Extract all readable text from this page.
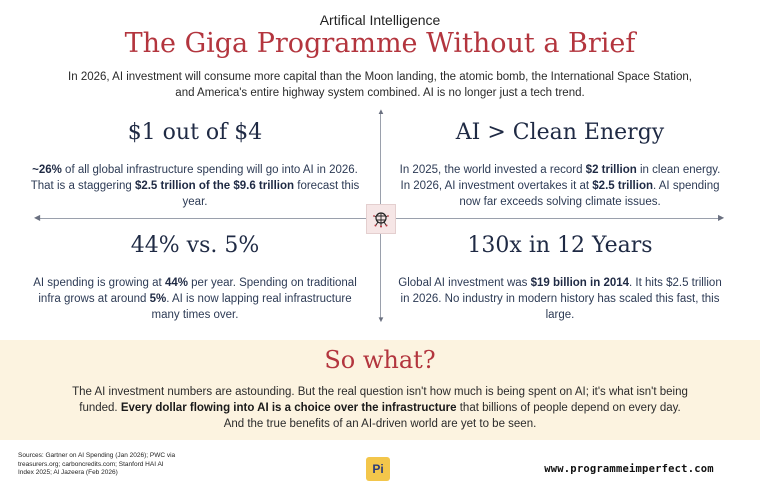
Artifical Intelligence
The Giga Programme Without a Brief
In 2026, AI investment will consume more capital than the Moon landing, the atomic bomb, the International Space Station, and America's entire highway system combined. AI is no longer just a tech trend.
▲
▼
◀	▶
$1 out of $4

~26% of all global infrastructure spending will go into AI in 2026. That is a staggering $2.5 trillion of the $9.6 trillion forecast this year.

AI > Clean Energy

In 2025, the world invested a record $2 trillion in clean energy. In 2026, AI investment overtakes it at $2.5 trillion. AI spending now far exceeds solving climate issues.

44% vs. 5%

AI spending is growing at 44% per year. Spending on traditional infra grows at around 5%. AI is now lapping real infrastructure many times over.

130x in 12 Years

Global AI investment was $19 billion in 2014. It hits $2.5 trillion in 2026. No industry in modern history has scaled this fast, this large.

So what?

The AI investment numbers are astounding. But the real question isn't how much is being spent on AI; it's what isn't being funded. Every dollar flowing into AI is a choice over the infrastructure that billions of people depend on every day. And the true benefits of an AI-driven world are yet to be seen.

Sources: Gartner on AI Spending (Jan 2026); PWC via treasurers.org; carboncredits.com; Stanford HAI AI Index 2025; Al Jazeera (Feb 2026)	Pi	www.programmeimperfect.com
